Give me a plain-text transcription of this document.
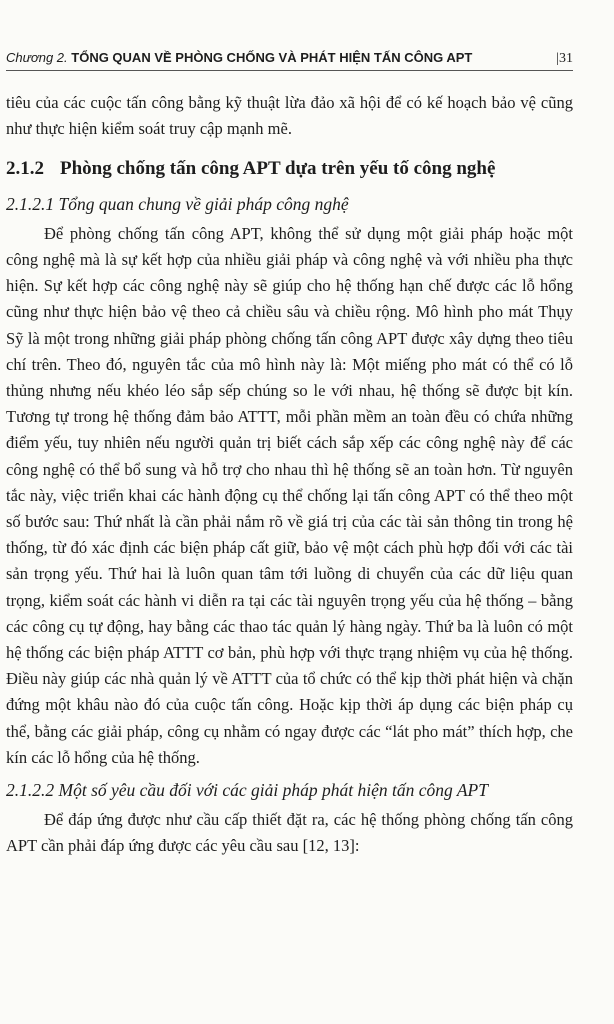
Chương 2. TỔNG QUAN VỀ PHÒNG CHỐNG VÀ PHÁT HIỆN TẤN CÔNG APT	|31

tiêu của các cuộc tấn công bằng kỹ thuật lừa đảo xã hội để có kế hoạch bảo vệ cũng như thực hiện kiểm soát truy cập mạnh mẽ.

2.1.2 Phòng chống tấn công APT dựa trên yếu tố công nghệ
2.1.2.1 Tổng quan chung về giải pháp công nghệ

Để phòng chống tấn công APT, không thể sử dụng một giải pháp hoặc một công nghệ mà là sự kết hợp của nhiều giải pháp và công nghệ và với nhiều pha thực hiện. Sự kết hợp các công nghệ này sẽ giúp cho hệ thống hạn chế được các lỗ hổng cũng như thực hiện bảo vệ theo cả chiều sâu và chiều rộng. Mô hình pho mát Thụy Sỹ là một trong những giải pháp phòng chống tấn công APT được xây dựng theo tiêu chí trên. Theo đó, nguyên tắc của mô hình này là: Một miếng pho mát có thể có lỗ thủng nhưng nếu khéo léo sắp sếp chúng so le với nhau, hệ thống sẽ được bịt kín. Tương tự trong hệ thống đảm bảo ATTT, mỗi phần mềm an toàn đều có chứa những điểm yếu, tuy nhiên nếu người quản trị biết cách sắp xếp các công nghệ này để các công nghệ có thể bổ sung và hỗ trợ cho nhau thì hệ thống sẽ an toàn hơn. Từ nguyên tắc này, việc triển khai các hành động cụ thể chống lại tấn công APT có thể theo một số bước sau: Thứ nhất là cần phải nắm rõ về giá trị của các tài sản thông tin trong hệ thống, từ đó xác định các biện pháp cất giữ, bảo vệ một cách phù hợp đối với các tài sản trọng yếu. Thứ hai là luôn quan tâm tới luồng di chuyển của các dữ liệu quan trọng, kiểm soát các hành vi diễn ra tại các tài nguyên trọng yếu của hệ thống – bằng các công cụ tự động, hay bằng các thao tác quản lý hàng ngày. Thứ ba là luôn có một hệ thống các biện pháp ATTT cơ bản, phù hợp với thực trạng nhiệm vụ của hệ thống. Điều này giúp các nhà quản lý về ATTT của tổ chức có thể kịp thời phát hiện và chặn đứng một khâu nào đó của cuộc tấn công. Hoặc kịp thời áp dụng các biện pháp cụ thể, bằng các giải pháp, công cụ nhằm có ngay được các “lát pho mát” thích hợp, che kín các lỗ hổng của hệ thống.

2.1.2.2 Một số yêu cầu đối với các giải pháp phát hiện tấn công APT

Để đáp ứng được như cầu cấp thiết đặt ra, các hệ thống phòng chống tấn công APT cần phải đáp ứng được các yêu cầu sau [12, 13]:
